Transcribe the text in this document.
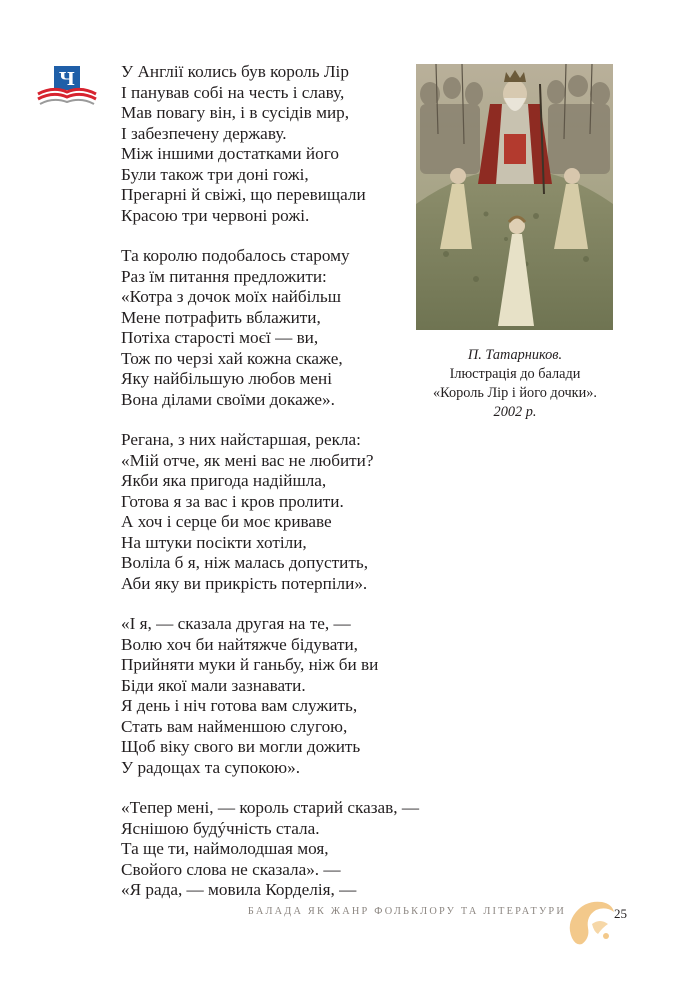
Ч	У Англії колись був король Лір
І панував собі на честь і славу,
Мав повагу він, і в сусідів мир,
І забезпечену державу.
Між іншими достатками його
Були також три доні гожі,
Прегарні й свіжі, що перевищали
Красою три червоні рожі.
Та королю подобалось старому
Раз їм питання предложити:
«Котра з дочок моїх найбільш
Мене потрафить вблажити,
Потіха старості моєї — ви,
Тож по черзі хай кожна скаже,
Яку найбільшую любов мені
Вона ділами своїми докаже».
Регана, з них найстаршая, рекла:
«Мій отче, як мені вас не любити?
Якби яка пригода надійшла,
Готова я за вас і кров пролити.
А хоч і серце би моє криваве
На штуки посікти хотіли,
Воліла б я, ніж малась допустить,
Аби яку ви прикрість потерпіли».
«І я, — сказала другая на те, —
Волю хоч би найтяжче бідувати,
Прийняти муки й ганьбу, ніж би ви
Біди якої мали зазнавати.
Я день і ніч готова вам служить,
Стать вам найменшою слугою,
Щоб віку свого ви могли дожить
У радощах та супокою».
«Тепер мені, — король старий сказав, —
Яснішою будýчність стала.
Та ще ти, наймолодшая моя,
Свойого слова не сказала». —
«Я рада, — мовила Корделія, —
П. Татарников.
Ілюстрація до балади
«Король Лір і його дочки».
2002 р.
БАЛАДА ЯК ЖАНР ФОЛЬКЛОРУ ТА ЛІТЕРАТУРИ	25
